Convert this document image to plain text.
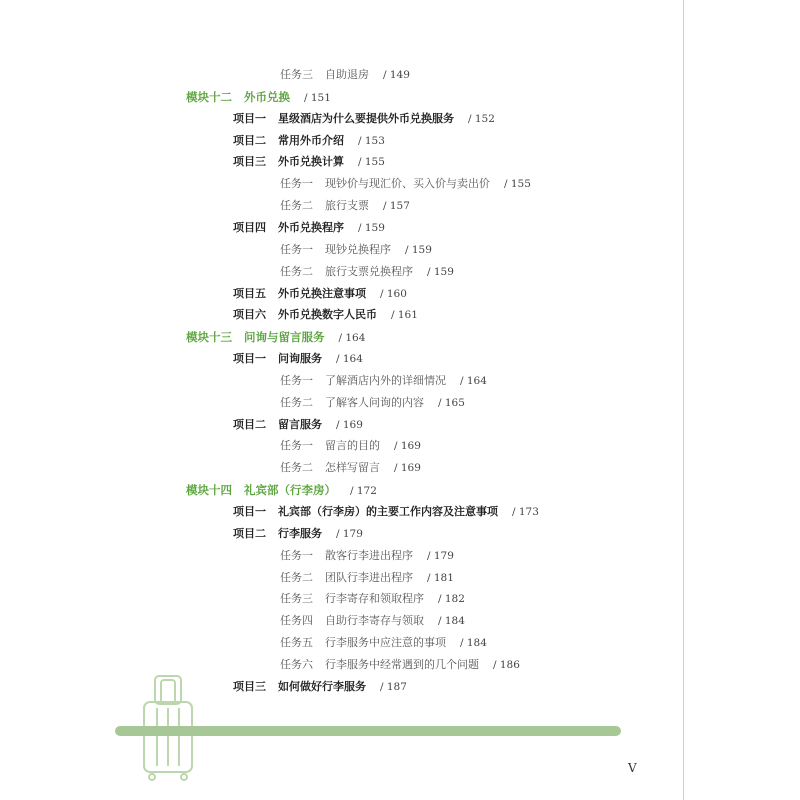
任务三 自助退房 / 149
模块十二 外币兑换 / 151
项目一 星级酒店为什么要提供外币兑换服务 / 152
项目二 常用外币介绍 / 153
项目三 外币兑换计算 / 155
任务一 现钞价与现汇价、买入价与卖出价 / 155
任务二 旅行支票 / 157
项目四 外币兑换程序 / 159
任务一 现钞兑换程序 / 159
任务二 旅行支票兑换程序 / 159
项目五 外币兑换注意事项 / 160
项目六 外币兑换数字人民币 / 161
模块十三 问询与留言服务 / 164
项目一 问询服务 / 164
任务一 了解酒店内外的详细情况 / 164
任务二 了解客人问询的内容 / 165
项目二 留言服务 / 169
任务一 留言的目的 / 169
任务二 怎样写留言 / 169
模块十四 礼宾部（行李房） / 172
项目一 礼宾部（行李房）的主要工作内容及注意事项 / 173
项目二 行李服务 / 179
任务一 散客行李进出程序 / 179
任务二 团队行李进出程序 / 181
任务三 行李寄存和领取程序 / 182
任务四 自助行李寄存与领取 / 184
任务五 行李服务中应注意的事项 / 184
任务六 行李服务中经常遇到的几个问题 / 186
项目三 如何做好行李服务 / 187
V
